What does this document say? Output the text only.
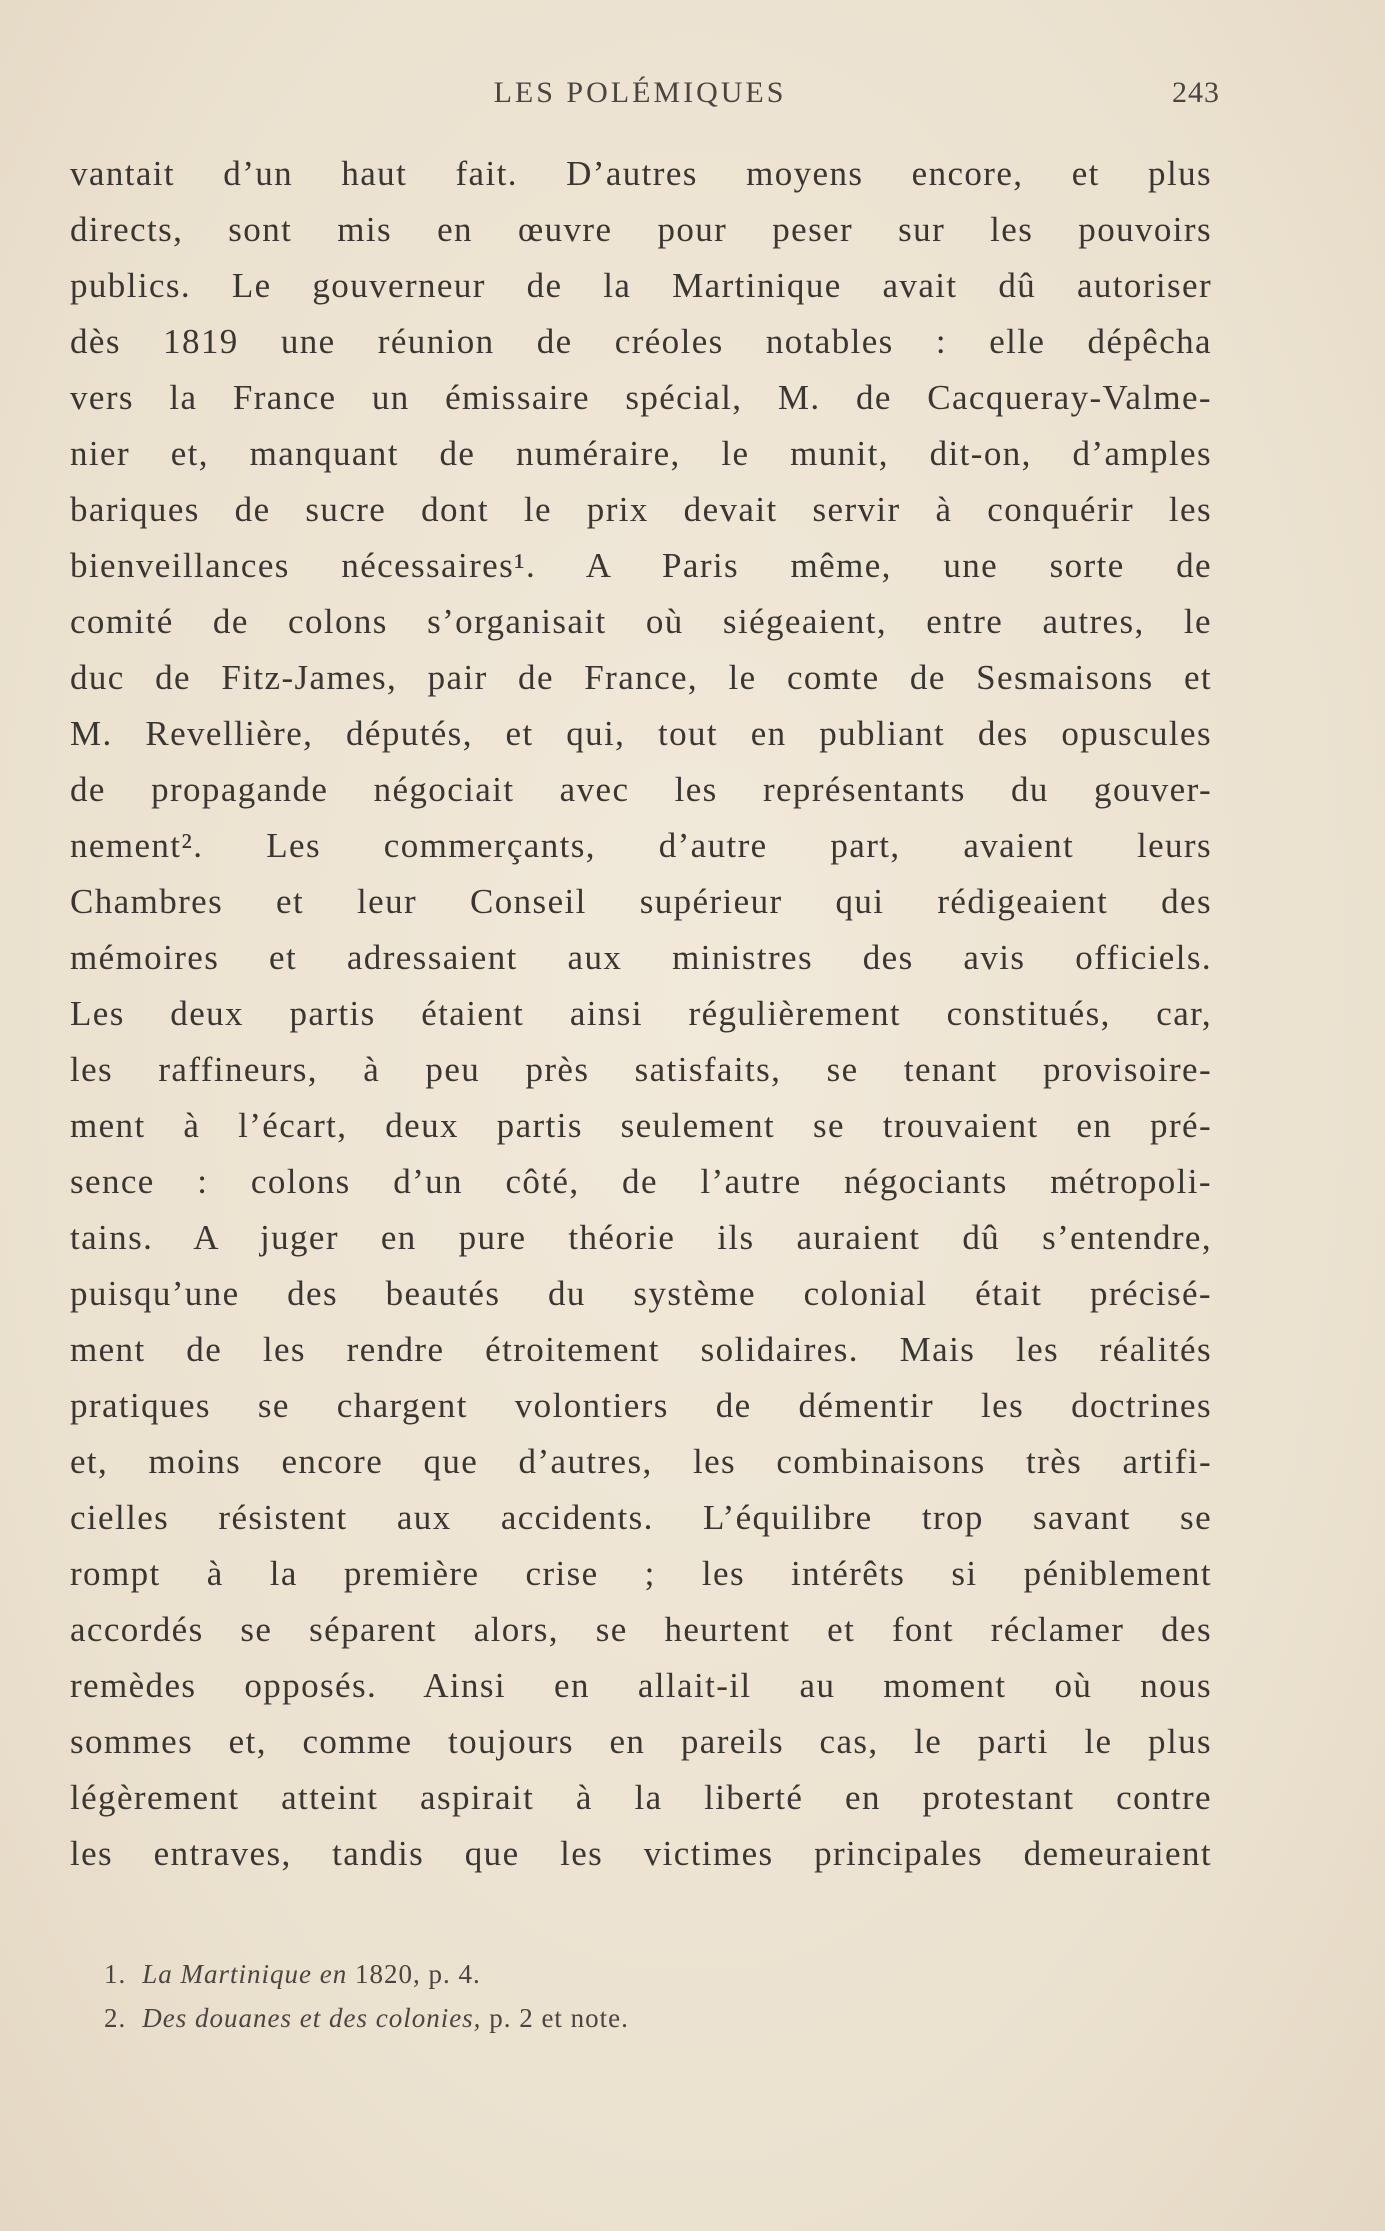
LES POLÉMIQUES	243
vantait d’un haut fait. D’autres moyens encore, et plus
directs, sont mis en œuvre pour peser sur les pouvoirs
publics. Le gouverneur de la Martinique avait dû autoriser
dès 1819 une réunion de créoles notables : elle dépêcha
vers la France un émissaire spécial, M. de Cacqueray-Valme-
nier et, manquant de numéraire, le munit, dit-on, d’amples
bariques de sucre dont le prix devait servir à conquérir les
bienveillances nécessaires¹. A Paris même, une sorte de
comité de colons s’organisait où siégeaient, entre autres, le
duc de Fitz-James, pair de France, le comte de Sesmaisons et
M. Revellière, députés, et qui, tout en publiant des opuscules
de propagande négociait avec les représentants du gouver-
nement². Les commerçants, d’autre part, avaient leurs
Chambres et leur Conseil supérieur qui rédigeaient des
mémoires et adressaient aux ministres des avis officiels.
Les deux partis étaient ainsi régulièrement constitués, car,
les raffineurs, à peu près satisfaits, se tenant provisoire-
ment à l’écart, deux partis seulement se trouvaient en pré-
sence : colons d’un côté, de l’autre négociants métropoli-
tains. A juger en pure théorie ils auraient dû s’entendre,
puisqu’une des beautés du système colonial était précisé-
ment de les rendre étroitement solidaires. Mais les réalités
pratiques se chargent volontiers de démentir les doctrines
et, moins encore que d’autres, les combinaisons très artifi-
cielles résistent aux accidents. L’équilibre trop savant se
rompt à la première crise ; les intérêts si péniblement
accordés se séparent alors, se heurtent et font réclamer des
remèdes opposés. Ainsi en allait-il au moment où nous
sommes et, comme toujours en pareils cas, le parti le plus
légèrement atteint aspirait à la liberté en protestant contre
les entraves, tandis que les victimes principales demeuraient
1. La Martinique en 1820, p. 4.
2. Des douanes et des colonies, p. 2 et note.
